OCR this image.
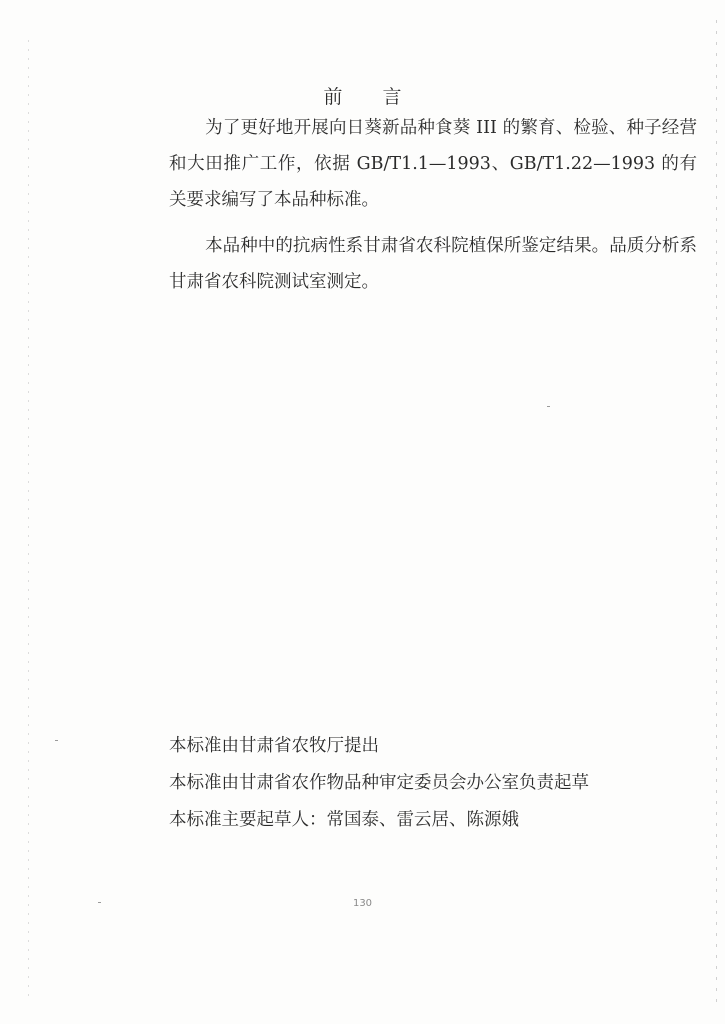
前 言
为了更好地开展向日葵新品种食葵 III 的繁育、检验、种子经营和大田推广工作，依据 GB/T1.1—1993、GB/T1.22—1993 的有关要求编写了本品种标准。
本品种中的抗病性系甘肃省农科院植保所鉴定结果。品质分析系甘肃省农科院测试室测定。
本标准由甘肃省农牧厅提出
本标准由甘肃省农作物品种审定委员会办公室负责起草
本标准主要起草人：常国泰、雷云居、陈源娥
130
